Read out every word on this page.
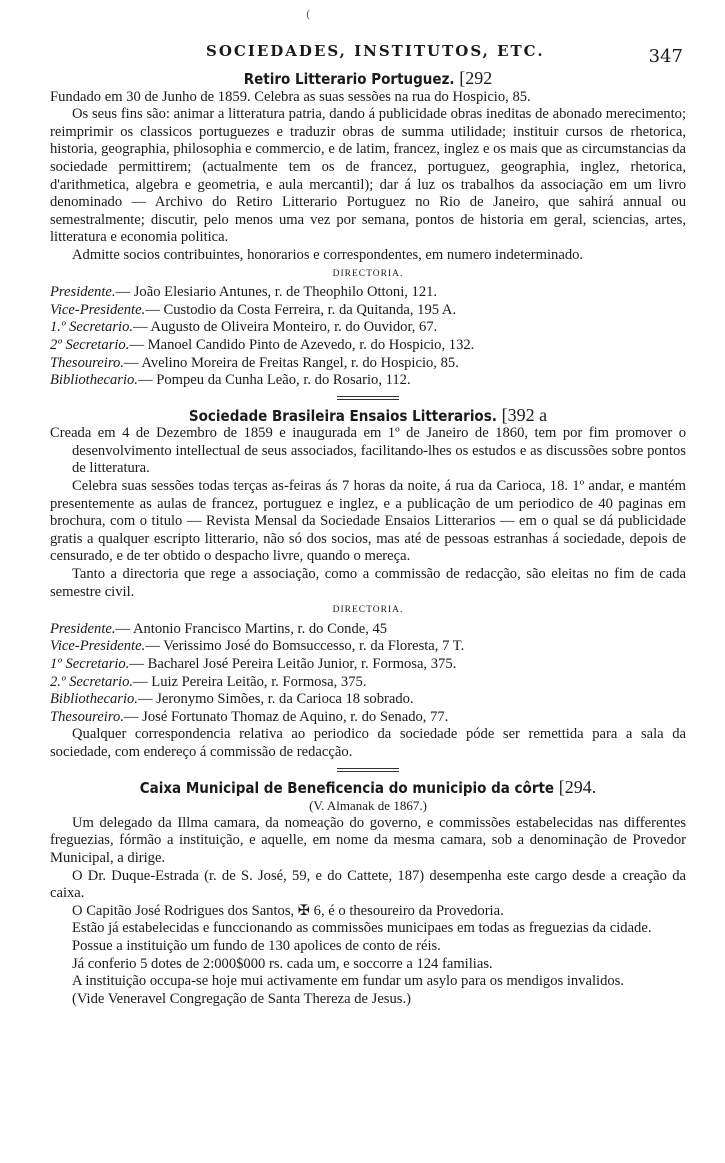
(
SOCIEDADES, INSTITUTOS, ETC.	347
Retiro Litterario Portuguez. [292

Fundado em 30 de Junho de 1859. Celebra as suas sessões na rua do Hospicio, 85.

Os seus fins são: animar a litteratura patria, dando á publicidade obras ineditas de abonado merecimento; reimprimir os classicos portuguezes e traduzir obras de summa utilidade; instituir cursos de rhetorica, historia, geographia, philosophia e commercio, e de latim, francez, inglez e os mais que as circumstancias da sociedade permittirem; (actualmente tem os de francez, portuguez, geographia, inglez, rhetorica, d'arithmetica, algebra e geometria, e aula mercantil); dar á luz os trabalhos da associação em um livro denominado — Archivo do Retiro Litterario Portuguez no Rio de Janeiro, que sahirá annual ou semestralmente; discutir, pelo menos uma vez por semana, pontos de historia em geral, sciencias, artes, litteratura e economia politica.

Admitte socios contribuintes, honorarios e correspondentes, em numero indeterminado.

DIRECTORIA.

Presidente.— João Elesiario Antunes, r. de Theophilo Ottoni, 121.

Vice-Presidente.— Custodio da Costa Ferreira, r. da Quitanda, 195 A.

1.º Secretario.— Augusto de Oliveira Monteiro, r. do Ouvidor, 67.

2º Secretario.— Manoel Candido Pinto de Azevedo, r. do Hospicio, 132.

Thesoureiro.— Avelino Moreira de Freitas Rangel, r. do Hospicio, 85.

Bibliothecario.— Pompeu da Cunha Leão, r. do Rosario, 112.

Sociedade Brasileira Ensaios Litterarios. [392 a

Creada em 4 de Dezembro de 1859 e inaugurada em 1º de Janeiro de 1860, tem por fim promover o desenvolvimento intellectual de seus associados, facilitando-lhes os estudos e as discussões sobre pontos de litteratura.

Celebra suas sessões todas terças as-feiras ás 7 horas da noite, á rua da Carioca, 18. 1º andar, e mantém presentemente as aulas de francez, portuguez e inglez, e a publicação de um periodico de 40 paginas em brochura, com o titulo — Revista Mensal da Sociedade Ensaios Litterarios — em o qual se dá publicidade gratis a qualquer escripto litterario, não só dos socios, mas até de pessoas estranhas á sociedade, depois de censurado, e de ter obtido o despacho livre, quando o mereça.

Tanto a directoria que rege a associação, como a commissão de redacção, são eleitas no fim de cada semestre civil.

DIRECTORIA.

Presidente.— Antonio Francisco Martins, r. do Conde, 45

Vice-Presidente.— Verissimo José do Bomsuccesso, r. da Floresta, 7 T.

1º Secretario.— Bacharel José Pereira Leitão Junior, r. Formosa, 375.

2.º Secretario.— Luiz Pereira Leitão, r. Formosa, 375.

Bibliothecario.— Jeronymo Simões, r. da Carioca 18 sobrado.

Thesoureiro.— José Fortunato Thomaz de Aquino, r. do Senado, 77.

Qualquer correspondencia relativa ao periodico da sociedade póde ser remettida para a sala da sociedade, com endereço á commissão de redacção.

Caixa Municipal de Beneficencia do municipio da côrte [294.
(V. Almanak de 1867.)

Um delegado da Illma camara, da nomeação do governo, e commissões estabelecidas nas differentes freguezias, fórmão a instituição, e aquelle, em nome da mesma camara, sob a denominação de Provedor Municipal, a dirige.

O Dr. Duque-Estrada (r. de S. José, 59, e do Cattete, 187) desempenha este cargo desde a creação da caixa.

O Capitão José Rodrigues dos Santos, ✠ 6, é o thesoureiro da Provedoria.

Estão já estabelecidas e funccionando as commissões municipaes em todas as freguezias da cidade.

Possue a instituição um fundo de 130 apolices de conto de réis.

Já conferio 5 dotes de 2:000$000 rs. cada um, e soccorre a 124 familias.

A instituição occupa-se hoje mui activamente em fundar um asylo para os mendigos invalidos.

(Vide Veneravel Congregação de Santa Thereza de Jesus.)
